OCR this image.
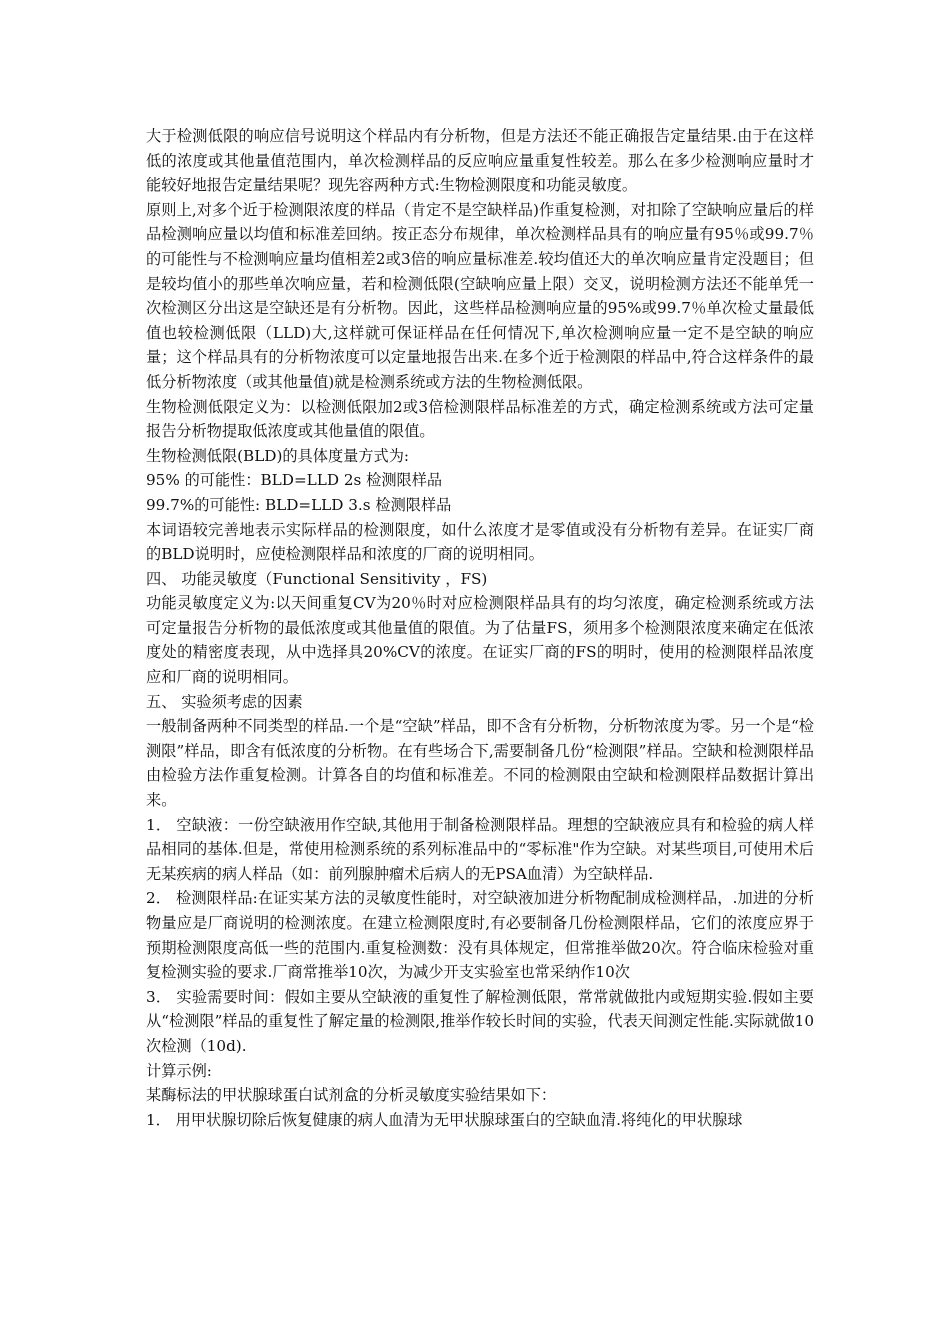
大于检测低限的响应信号说明这个样品内有分析物，但是方法还不能正确报告定量结果.由于在这样低的浓度或其他量值范围内，单次检测样品的反应响应量重复性较差。那么在多少检测响应量时才能较好地报告定量结果呢？现先容两种方式:生物检测限度和功能灵敏度。

原则上,对多个近于检测限浓度的样品（肯定不是空缺样品)作重复检测，对扣除了空缺响应量后的样品检测响应量以均值和标准差回纳。按正态分布规律，单次检测样品具有的响应量有95％或99.7％的可能性与不检测响应量均值相差2或3倍的响应量标准差.较均值还大的单次响应量肯定没题目；但是较均值小的那些单次响应量，若和检测低限(空缺响应量上限）交叉，说明检测方法还不能单凭一次检测区分出这是空缺还是有分析物。因此，这些样品检测响应量的95%或99.7％单次检丈量最低值也较检测低限（LLD)大,这样就可保证样品在任何情况下,单次检测响应量一定不是空缺的响应量；这个样品具有的分析物浓度可以定量地报告出来.在多个近于检测限的样品中,符合这样条件的最低分析物浓度（或其他量值)就是检测系统或方法的生物检测低限。

生物检测低限定义为：以检测低限加2或3倍检测限样品标准差的方式，确定检测系统或方法可定量报告分析物提取低浓度或其他量值的限值。

生物检测低限(BLD)的具体度量方式为:

95% 的可能性：BLD=LLD 2s 检测限样品

99.7%的可能性: BLD=LLD 3.s 检测限样品

本词语较完善地表示实际样品的检测限度，如什么浓度才是零值或没有分析物有差异。在证实厂商的BLD说明时，应使检测限样品和浓度的厂商的说明相同。

四、 功能灵敏度（Functional Sensitivity ，FS)

功能灵敏度定义为:以天间重复CV为20％时对应检测限样品具有的均匀浓度，确定检测系统或方法可定量报告分析物的最低浓度或其他量值的限值。为了估量FS，须用多个检测限浓度来确定在低浓度处的精密度表现，从中选择具20%CV的浓度。在证实厂商的FS的明时，使用的检测限样品浓度应和厂商的说明相同。

五、 实验须考虑的因素

一般制备两种不同类型的样品.一个是“空缺”样品，即不含有分析物，分析物浓度为零。另一个是“检测限”样品，即含有低浓度的分析物。在有些场合下,需要制备几份“检测限”样品。空缺和检测限样品由检验方法作重复检测。计算各自的均值和标准差。不同的检测限由空缺和检测限样品数据计算出来。

1． 空缺液：一份空缺液用作空缺,其他用于制备检测限样品。理想的空缺液应具有和检验的病人样品相同的基体.但是，常使用检测系统的系列标准品中的“零标准"作为空缺。对某些项目,可使用术后无某疾病的病人样品（如：前列腺肿瘤术后病人的无PSA血清）为空缺样品.

2． 检测限样品:在证实某方法的灵敏度性能时，对空缺液加进分析物配制成检测样品，.加进的分析物量应是厂商说明的检测浓度。在建立检测限度时,有必要制备几份检测限样品，它们的浓度应界于预期检测限度高低一些的范围内.重复检测数：没有具体规定，但常推举做20次。符合临床检验对重复检测实验的要求.厂商常推举10次，为减少开支实验室也常采纳作10次

3． 实验需要时间：假如主要从空缺液的重复性了解检测低限，常常就做批内或短期实验.假如主要从“检测限”样品的重复性了解定量的检测限,推举作较长时间的实验，代表天间测定性能.实际就做10次检测（10d).

计算示例:

某酶标法的甲状腺球蛋白试剂盒的分析灵敏度实验结果如下：

1． 用甲状腺切除后恢复健康的病人血清为无甲状腺球蛋白的空缺血清.将纯化的甲状腺球
